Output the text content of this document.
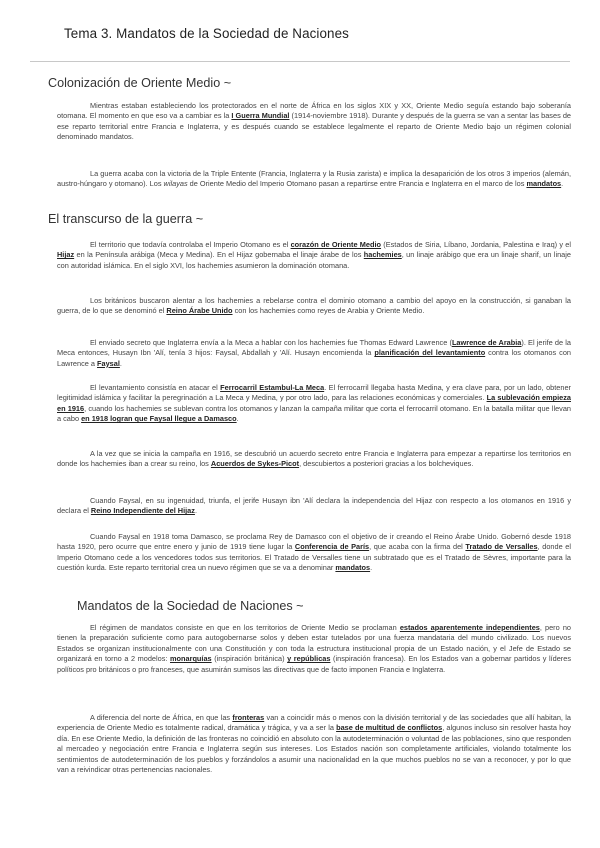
Tema 3. Mandatos de la Sociedad de Naciones
Colonización de Oriente Medio ~

Mientras estaban estableciendo los protectorados en el norte de África en los siglos XIX y XX, Oriente Medio seguía estando bajo soberanía otomana. El momento en que eso va a cambiar es la I Guerra Mundial (1914-noviembre 1918). Durante y después de la guerra se van a sentar las bases de ese reparto territorial entre Francia e Inglaterra, y es después cuando se establece legalmente el reparto de Oriente Medio bajo un régimen colonial denominado mandatos.

La guerra acaba con la victoria de la Triple Entente (Francia, Inglaterra y la Rusia zarista) e implica la desaparición de los otros 3 imperios (alemán, austro-húngaro y otomano). Los wilayas de Oriente Medio del Imperio Otomano pasan a repartirse entre Francia e Inglaterra en el marco de los mandatos.

El transcurso de la guerra ~

El territorio que todavía controlaba el Imperio Otomano es el corazón de Oriente Medio (Estados de Siria, Líbano, Jordania, Palestina e Iraq) y el Hijaz en la Península arábiga (Meca y Medina). En el Hijaz gobernaba el linaje árabe de los hachemies, un linaje arábigo que era un linaje sharif, un linaje con autoridad islámica. En el siglo XVI, los hachemies asumieron la dominación otomana.

Los británicos buscaron alentar a los hachemies a rebelarse contra el dominio otomano a cambio del apoyo en la construcción, si ganaban la guerra, de lo que se denominó el Reino Árabe Unido con los hachemies como reyes de Arabia y Oriente Medio.

El enviado secreto que Inglaterra envía a la Meca a hablar con los hachemies fue Thomas Edward Lawrence (Lawrence de Arabia). El jerife de la Meca entonces, Husayn Ibn 'Alí, tenía 3 hijos: Faysal, Abdallah y 'Alí. Husayn encomienda la planificación del levantamiento contra los otomanos con Lawrence a Faysal.

El levantamiento consistía en atacar el Ferrocarril Estambul-La Meca. El ferrocarril llegaba hasta Medina, y era clave para, por un lado, obtener legitimidad islámica y facilitar la peregrinación a La Meca y Medina, y por otro lado, para las relaciones económicas y comerciales. La sublevación empieza en 1916, cuando los hachemies se sublevan contra los otomanos y lanzan la campaña militar que corta el ferrocarril otomano. En la batalla militar que llevan a cabo en 1918 logran que Faysal llegue a Damasco.

A la vez que se inicia la campaña en 1916, se descubrió un acuerdo secreto entre Francia e Inglaterra para empezar a repartirse los territorios en donde los hachemies iban a crear su reino, los Acuerdos de Sykes-Picot, descubiertos a posteriori gracias a los bolcheviques.

Cuando Faysal, en su ingenuidad, triunfa, el jerife Husayn ibn 'Alí declara la independencia del Hijaz con respecto a los otomanos en 1916 y declara el Reino Independiente del Hijaz.

Cuando Faysal en 1918 toma Damasco, se proclama Rey de Damasco con el objetivo de ir creando el Reino Árabe Unido. Gobernó desde 1918 hasta 1920, pero ocurre que entre enero y junio de 1919 tiene lugar la Conferencia de París, que acaba con la firma del Tratado de Versalles, donde el Imperio Otomano cede a los vencedores todos sus territorios. El Tratado de Versalles tiene un subtratado que es el Tratado de Sèvres, importante para la cuestión kurda. Este reparto territorial crea un nuevo régimen que se va a denominar mandatos.

Mandatos de la Sociedad de Naciones ~

El régimen de mandatos consiste en que en los territorios de Oriente Medio se proclaman estados aparentemente independientes, pero no tienen la preparación suficiente como para autogobernarse solos y deben estar tutelados por una fuerza mandataria del mundo civilizado. Los nuevos Estados se organizan institucionalmente con una Constitución y con toda la estructura institucional propia de un Estado nación, y el Jefe de Estado se organizará en torno a 2 modelos: monarquías (inspiración británica) y repúblicas (inspiración francesa). En los Estados van a gobernar partidos y líderes políticos pro británicos o pro franceses, que asumirán sumisos las directivas que de facto imponen Francia e Inglaterra.

A diferencia del norte de África, en que las fronteras van a coincidir más o menos con la división territorial y de las sociedades que allí habitan, la experiencia de Oriente Medio es totalmente radical, dramática y trágica, y va a ser la base de multitud de conflictos, algunos incluso sin resolver hasta hoy día. En ese Oriente Medio, la definición de las fronteras no coincidió en absoluto con la autodeterminación o voluntad de las poblaciones, sino que responden al mercadeo y negociación entre Francia e Inglaterra según sus intereses. Los Estados nación son completamente artificiales, violando totalmente los sentimientos de autodeterminación de los pueblos y forzándolos a asumir una nacionalidad en la que muchos pueblos no se van a reconocer, y por lo que van a reivindicar otras pertenencias nacionales.
